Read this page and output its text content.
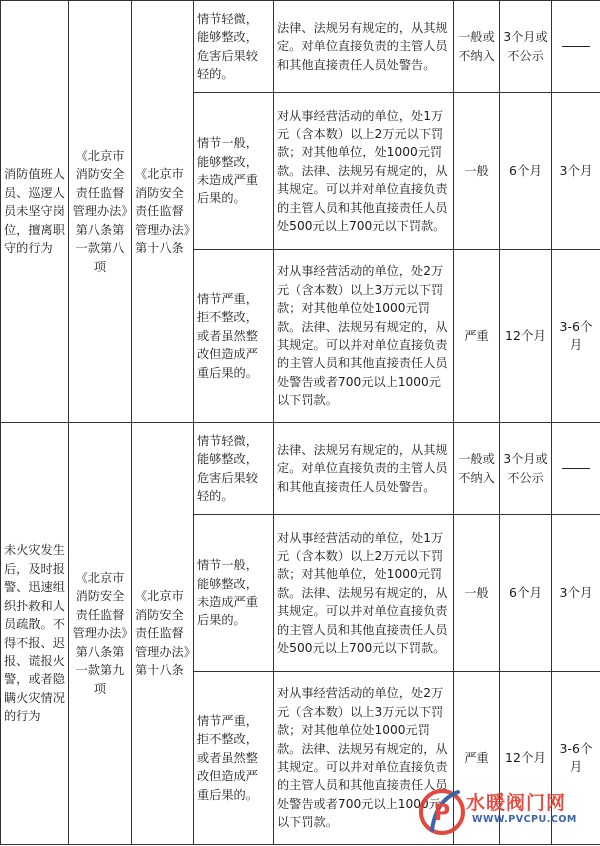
消防值班人员、巡逻人员未坚守岗位，擅离职守的行为	《北京市消防安全责任监督管理办法》第八条第一款第八项	《北京市消防安全责任监督管理办法》第十八条	情节轻微，能够整改，危害后果较轻的。	法律、法规另有规定的，从其规定。对单位直接负责的主管人员和其他直接责任人员处警告。	一般或不纳入	3个月或不公示	
			情节一般，能够整改，未造成严重后果的。	对从事经营活动的单位，处1万元（含本数）以上2万元以下罚款；对其他单位，处1000元罚款。法律、法规另有规定的，从其规定。可以并对单位直接负责的主管人员和其他直接责任人员处500元以上700元以下罚款。	一般	6个月	3个月
			情节严重，拒不整改，或者虽然整改但造成严重后果的。	对从事经营活动的单位，处2万元（含本数）以上3万元以下罚款；对其他单位处1000元罚款。法律、法规另有规定的，从其规定。可以并对单位直接负责的主管人员和其他直接责任人员处警告或者700元以上1000元以下罚款。	严重	12个月	3-6个月
未火灾发生后，及时报警、迅速组织扑救和人员疏散。不得不报、迟报、谎报火警，或者隐瞒火灾情况的行为	《北京市消防安全责任监督管理办法》第八条第一款第九项	《北京市消防安全责任监督管理办法》第十八条	情节轻微，能够整改，危害后果较轻的。	法律、法规另有规定的，从其规定。对单位直接负责的主管人员和其他直接责任人员处警告。	一般或不纳入	3个月或不公示	
			情节一般，能够整改，未造成严重后果的。	对从事经营活动的单位，处1万元（含本数）以上2万元以下罚款；对其他单位，处1000元罚款。法律、法规另有规定的，从其规定。可以并对单位直接负责的主管人员和其他直接责任人员处500元以上700元以下罚款。	一般	6个月	3个月
			情节严重，拒不整改，或者虽然整改但造成严重后果的。	对从事经营活动的单位，处2万元（含本数）以上3万元以下罚款；对其他单位处1000元罚款。法律、法规另有规定的，从其规定。可以并对单位直接负责的主管人员和其他直接责任人员处警告或者700元以上1000元以下罚款。	严重	12个月	3-6个月
P 水暖阀门网
WWW.PVCPU.COM
